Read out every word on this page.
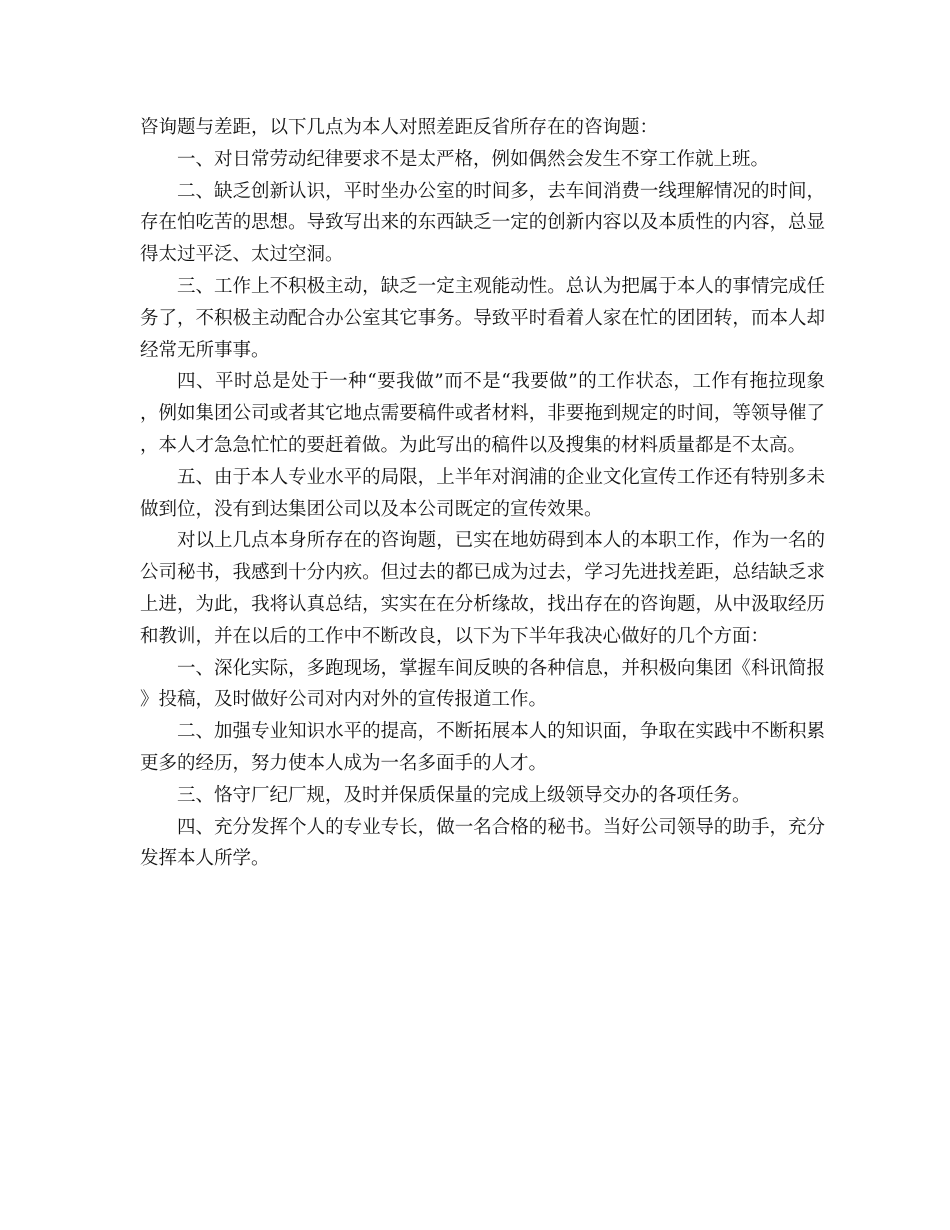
咨询题与差距，以下几点为本人对照差距反省所存在的咨询题：

一、对日常劳动纪律要求不是太严格，例如偶然会发生不穿工作就上班。

二、缺乏创新认识，平时坐办公室的时间多，去车间消费一线理解情况的时间，存在怕吃苦的思想。导致写出来的东西缺乏一定的创新内容以及本质性的内容，总显得太过平泛、太过空洞。

三、工作上不积极主动，缺乏一定主观能动性。总认为把属于本人的事情完成任务了，不积极主动配合办公室其它事务。导致平时看着人家在忙的团团转，而本人却经常无所事事。

四、平时总是处于一种“要我做”而不是“我要做”的工作状态，工作有拖拉现象，例如集团公司或者其它地点需要稿件或者材料，非要拖到规定的时间，等领导催了，本人才急急忙忙的要赶着做。为此写出的稿件以及搜集的材料质量都是不太高。

五、由于本人专业水平的局限，上半年对润浦的企业文化宣传工作还有特别多未做到位，没有到达集团公司以及本公司既定的宣传效果。

对以上几点本身所存在的咨询题，已实在地妨碍到本人的本职工作，作为一名的公司秘书，我感到十分内疚。但过去的都已成为过去，学习先进找差距，总结缺乏求上进，为此，我将认真总结，实实在在分析缘故，找出存在的咨询题，从中汲取经历和教训，并在以后的工作中不断改良，以下为下半年我决心做好的几个方面：

一、深化实际，多跑现场，掌握车间反映的各种信息，并积极向集团《科讯简报》投稿，及时做好公司对内对外的宣传报道工作。

二、加强专业知识水平的提高，不断拓展本人的知识面，争取在实践中不断积累更多的经历，努力使本人成为一名多面手的人才。

三、恪守厂纪厂规，及时并保质保量的完成上级领导交办的各项任务。

四、充分发挥个人的专业专长，做一名合格的秘书。当好公司领导的助手，充分发挥本人所学。
